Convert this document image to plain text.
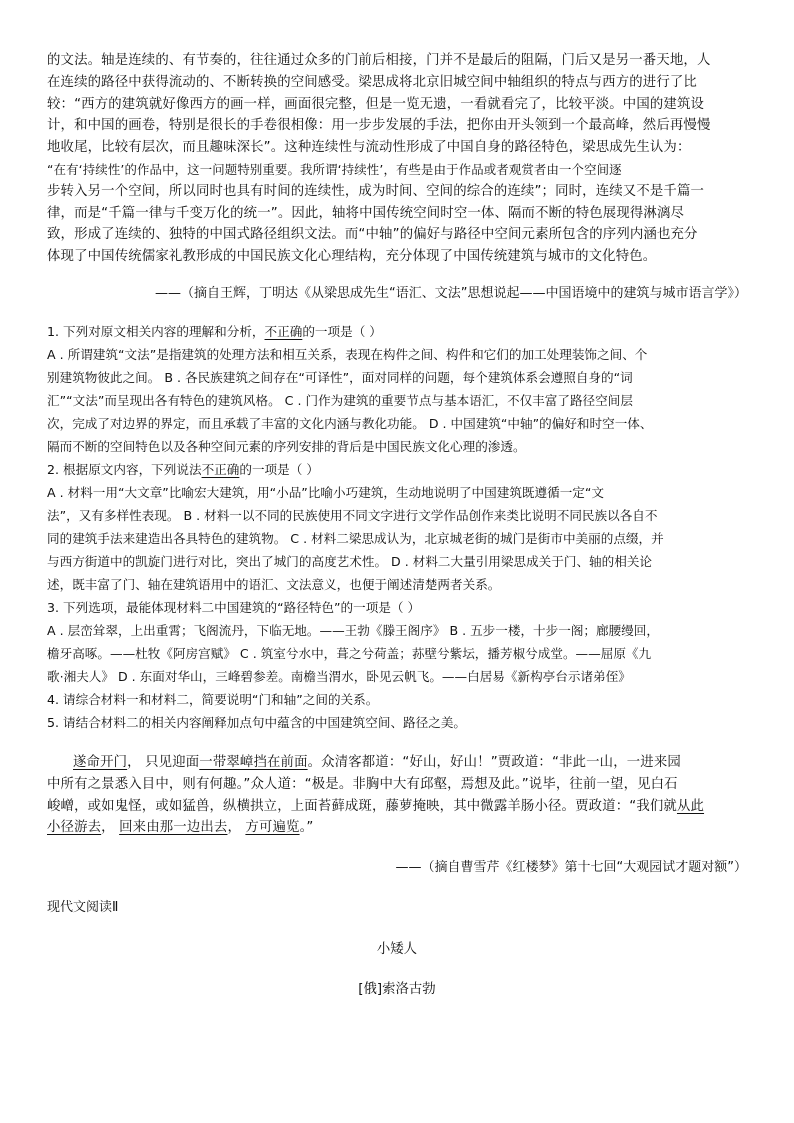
的文法。轴是连续的、有节奏的，往往通过众多的门前后相接，门并不是最后的阻隔，门后又是另一番天地，人

在连续的路径中获得流动的、不断转换的空间感受。梁思成将北京旧城空间中轴组织的特点与西方的进行了比

较：“西方的建筑就好像西方的画一样，画面很完整，但是一览无遗，一看就看完了，比较平淡。中国的建筑设

计，和中国的画卷，特别是很长的手卷很相像：用一步步发展的手法，把你由开头领到一个最高峰，然后再慢慢

地收尾，比较有层次，而且趣味深长”。这种连续性与流动性形成了中国自身的路径特色，梁思成先生认为：

“在有‘持续性’的作品中，这一问题特别重要。我所谓‘持续性’，有些是由于作品或者观赏者由一个空间逐

步转入另一个空间，所以同时也具有时间的连续性，成为时间、空间的综合的连续”；同时，连续又不是千篇一

律，而是“千篇一律与千变万化的统一”。因此，轴将中国传统空间时空一体、隔而不断的特色展现得淋漓尽

致，形成了连续的、独特的中国式路径组织文法。而“中轴”的偏好与路径中空间元素所包含的序列内涵也充分

体现了中国传统儒家礼教形成的中国民族文化心理结构，充分体现了中国传统建筑与城市的文化特色。

——（摘自王辉，丁明达《从梁思成先生“语汇、文法”思想说起——中国语境中的建筑与城市语言学》）

1. 下列对原文相关内容的理解和分析，不正确的一项是（ ）

A . 所谓建筑“文法”是指建筑的处理方法和相互关系，表现在构件之间、构件和它们的加工处理装饰之间、个

别建筑物彼此之间。 B . 各民族建筑之间存在“可译性”，面对同样的问题，每个建筑体系会遵照自身的“词

汇”“文法”而呈现出各有特色的建筑风格。 C . 门作为建筑的重要节点与基本语汇，不仅丰富了路径空间层

次，完成了对边界的界定，而且承载了丰富的文化内涵与教化功能。 D . 中国建筑“中轴”的偏好和时空一体、

隔而不断的空间特色以及各种空间元素的序列安排的背后是中国民族文化心理的渗透。

2. 根据原文内容，下列说法不正确的一项是（ ）

A . 材料一用“大文章”比喻宏大建筑，用“小品”比喻小巧建筑，生动地说明了中国建筑既遵循一定“文

法”，又有多样性表现。 B . 材料一以不同的民族使用不同文字进行文学作品创作来类比说明不同民族以各自不

同的建筑手法来建造出各具特色的建筑物。 C . 材料二梁思成认为，北京城老街的城门是街市中美丽的点缀，并

与西方街道中的凯旋门进行对比，突出了城门的高度艺术性。 D . 材料二大量引用梁思成关于门、轴的相关论

述，既丰富了门、轴在建筑语用中的语汇、文法意义，也便于阐述清楚两者关系。

3. 下列选项，最能体现材料二中国建筑的“路径特色”的一项是（ ）

A . 层峦耸翠，上出重霄；飞阁流丹，下临无地。——王勃《滕王阁序》 B . 五步一楼，十步一阁；廊腰缦回，

檐牙高啄。——杜牧《阿房宫赋》 C . 筑室兮水中，葺之兮荷盖；荪壁兮紫坛，播芳椒兮成堂。——屈原《九

歌·湘夫人》 D . 东面对华山，三峰碧参差。南檐当渭水，卧见云帆飞。——白居易《新构亭台示诸弟侄》

4. 请综合材料一和材料二，简要说明“门和轴”之间的关系。

5. 请结合材料二的相关内容阐释加点句中蕴含的中国建筑空间、路径之美。

遂命开门， 只见迎面一带翠嶂挡在前面。众清客都道：“好山，好山！”贾政道：“非此一山，一进来园

中所有之景悉入目中，则有何趣。”众人道：“极是。非胸中大有邱壑，焉想及此。”说毕，往前一望，见白石

峻嶒，或如鬼怪，或如猛兽，纵横拱立，上面苔藓成斑，藤萝掩映，其中微露羊肠小径。贾政道：“我们就从此

小径游去， 回来由那一边出去， 方可遍览。”

——（摘自曹雪芹《红楼梦》第十七回“大观园试才题对额”）

现代文阅读Ⅱ

小矮人

[俄]索洛古勃
